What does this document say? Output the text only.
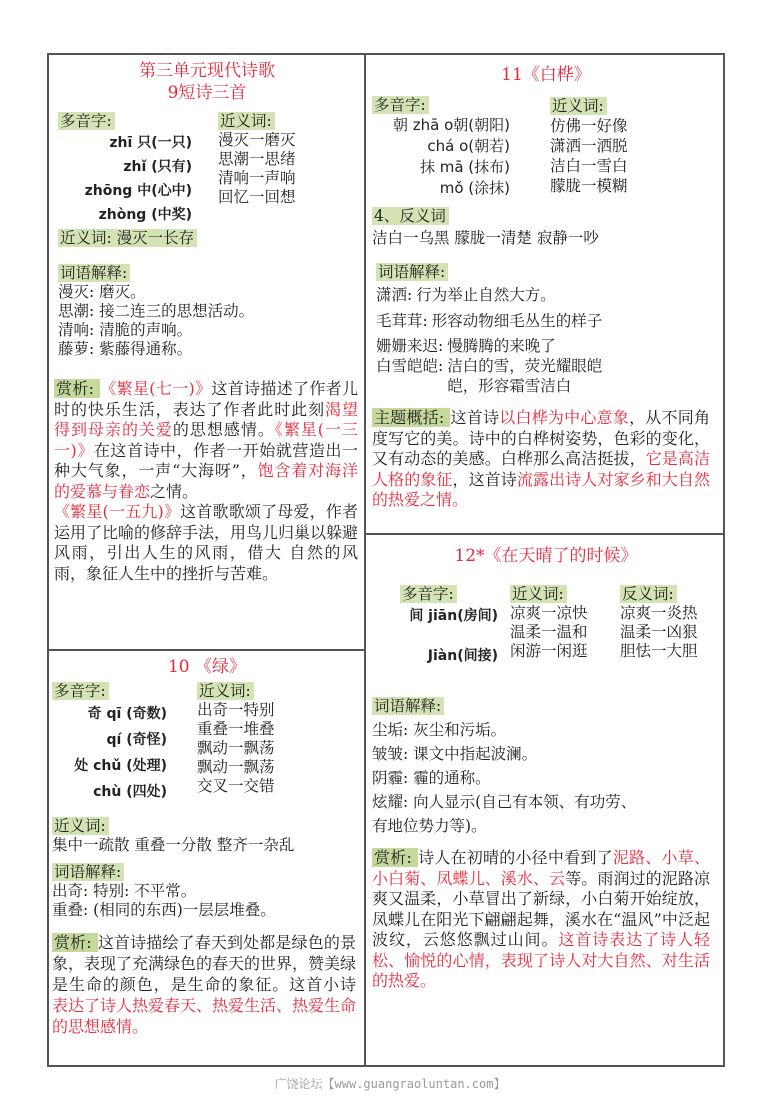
第三单元现代诗歌
9短诗三首
多音字:
zhī 只(一只)
zhǐ (只有)
zhōng 中(心中)
zhòng (中奖)
近义词:
漫灭一磨灭
思潮一思绪
清响一声响
回忆一回想
近义词: 漫灭一长存
词语解释:
漫灭: 磨灭。
思潮: 接二连三的思想活动。
清响: 清脆的声响。
藤萝: 紫藤得通称。
赏析: 《繁星(七一)》这首诗描述了作者儿时的快乐生活，表达了作者此时此刻渴望得到母亲的关爱的思想感情。《繁星(一三一)》在这首诗中，作者一开始就营造出一种大气象，一声“大海呀”，饱含着对海洋的爱慕与眷恋之情。
《繁星(一五九)》这首歌歌颂了母爱，作者运用了比喻的修辞手法，用鸟儿归巢以躲避风雨，引出人生的风雨，借大 自然的风雨，象征人生中的挫折与苦难。
10 《绿》
多音字:
奇 qī (奇数)
qí (奇怪)
处 chǔ (处理)
chù (四处)
近义词:
出奇一特别
重叠一堆叠
飘动一飘荡
飘动一飘荡
交叉一交错
近义词:
集中一疏散 重叠一分散 整齐一杂乱
词语解释:
出奇: 特别: 不平常。
重叠: (相同的东西)一层层堆叠。
赏析: 这首诗描绘了春天到处都是绿色的景象，表现了充满绿色的春天的世界，赞美绿是生命的颜色，是生命的象征。这首小诗表达了诗人热爱春天、热爱生活、热爱生命的思想感情。
11《白桦》
多音字:
朝 zhā o朝(朝阳)
chá o(朝若)
抹 mā (抹布)
mǒ (涂抹)
近义词:
仿佛一好像
潇洒一洒脱
洁白一雪白
朦胧一模糊
4、反义词
洁白一乌黑 朦胧一清楚 寂静一吵
词语解释:
潇洒: 行为举止自然大方。
毛茸茸: 形容动物细毛丛生的样子
姗姗来迟: 慢腾腾的来晚了
白雪皑皑: 洁白的雪，荧光耀眼皑皑，形容霜雪洁白
主题概括: 这首诗以白桦为中心意象，从不同角度写它的美。诗中的白桦树姿势，色彩的变化，又有动态的美感。白桦那么高洁挺拔，它是高洁人格的象征，这首诗流露出诗人对家乡和大自然的热爱之情。
12*《在天晴了的时候》
多音字:
间 jiān(房间)
Jiàn(间接)
近义词:
凉爽一凉快
温柔一温和
闲游一闲逛
反义词:
凉爽一炎热
温柔一凶狠
胆怯一大胆
词语解释:
尘垢: 灰尘和污垢。
皱皱: 课文中指起波澜。
阴霾: 霾的通称。
炫耀: 向人显示(自己有本领、有功劳、
有地位势力等)。
赏析: 诗人在初晴的小径中看到了泥路、小草、小白菊、凤蝶儿、溪水、云等。雨润过的泥路凉爽又温柔，小草冒出了新绿，小白菊开始绽放，凤蝶儿在阳光下翩翩起舞，溪水在“温风”中泛起波纹，云悠悠飘过山间。这首诗表达了诗人轻松、愉悦的心情，表现了诗人对大自然、对生活的热爱。
广饶论坛【www.guangraoluntan.com】
